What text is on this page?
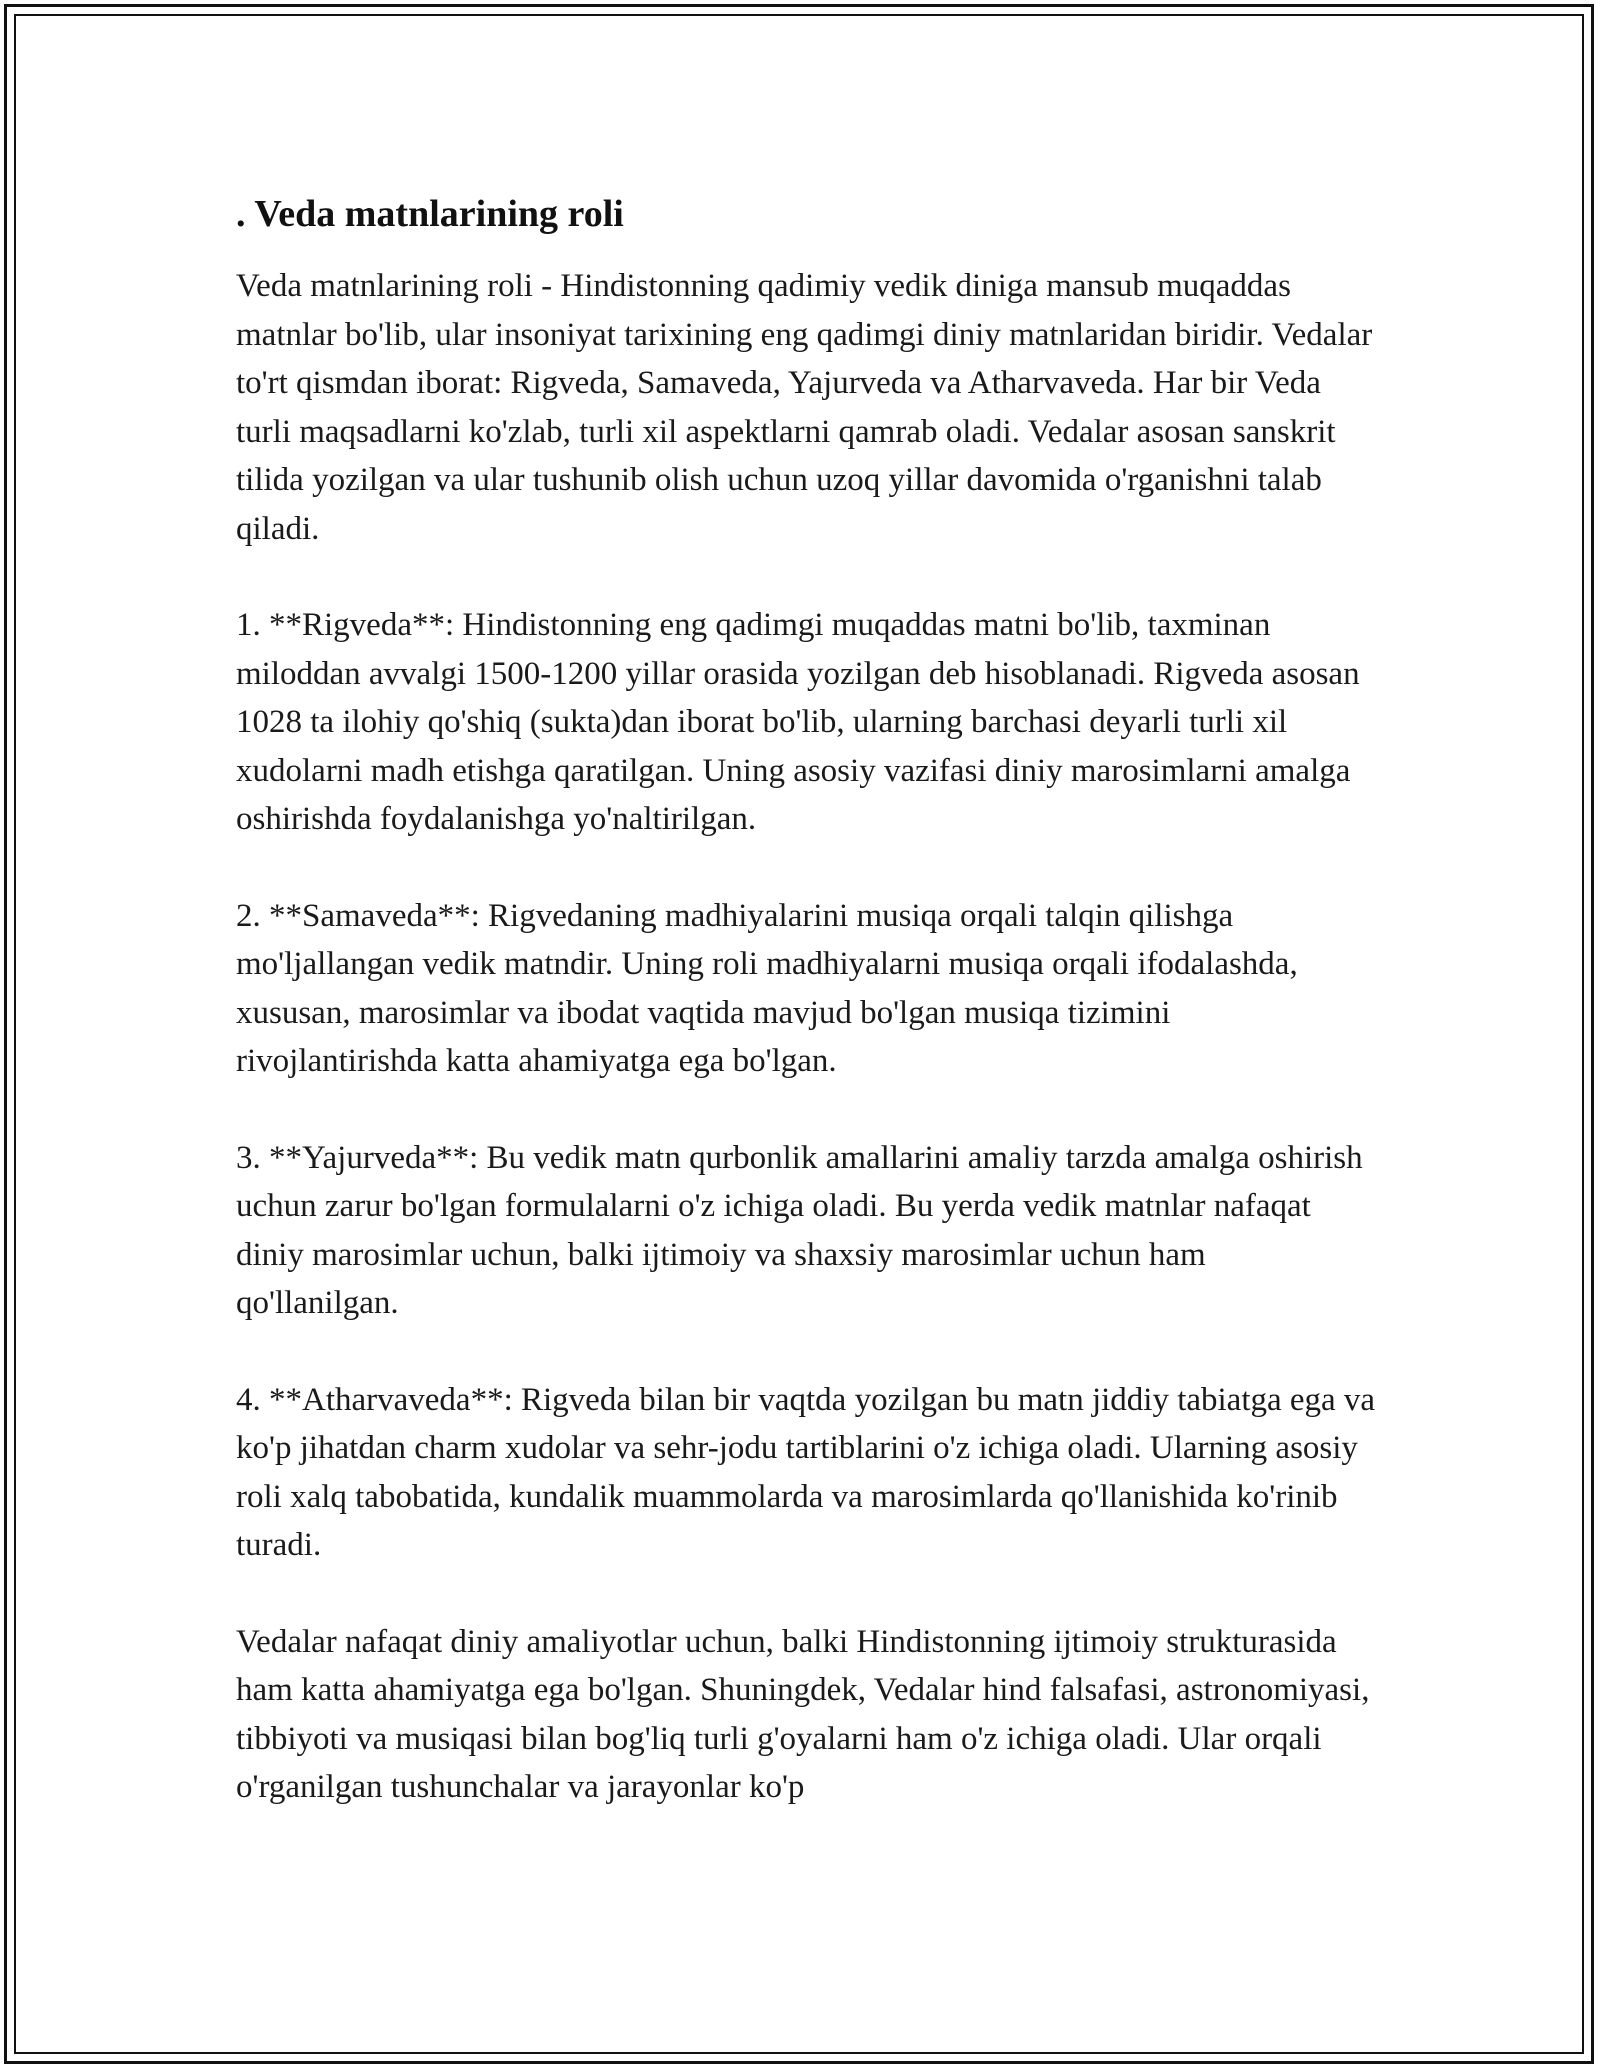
. Veda matnlarining roli

Veda matnlarining roli - Hindistonning qadimiy vedik diniga mansub muqaddas matnlar bo'lib, ular insoniyat tarixining eng qadimgi diniy matnlaridan biridir. Vedalar to'rt qismdan iborat: Rigveda, Samaveda, Yajurveda va Atharvaveda. Har bir Veda turli maqsadlarni ko'zlab, turli xil aspektlarni qamrab oladi. Vedalar asosan sanskrit tilida yozilgan va ular tushunib olish uchun uzoq yillar davomida o'rganishni talab qiladi.

1. **Rigveda**: Hindistonning eng qadimgi muqaddas matni bo'lib, taxminan miloddan avvalgi 1500-1200 yillar orasida yozilgan deb hisoblanadi. Rigveda asosan 1028 ta ilohiy qo'shiq (sukta)dan iborat bo'lib, ularning barchasi deyarli turli xil xudolarni madh etishga qaratilgan. Uning asosiy vazifasi diniy marosimlarni amalga oshirishda foydalanishga yo'naltirilgan.

2. **Samaveda**: Rigvedaning madhiyalarini musiqa orqali talqin qilishga mo'ljallangan vedik matndir. Uning roli madhiyalarni musiqa orqali ifodalashda, xususan, marosimlar va ibodat vaqtida mavjud bo'lgan musiqa tizimini rivojlantirishda katta ahamiyatga ega bo'lgan.

3. **Yajurveda**: Bu vedik matn qurbonlik amallarini amaliy tarzda amalga oshirish uchun zarur bo'lgan formulalarni o'z ichiga oladi. Bu yerda vedik matnlar nafaqat diniy marosimlar uchun, balki ijtimoiy va shaxsiy marosimlar uchun ham qo'llanilgan.

4. **Atharvaveda**: Rigveda bilan bir vaqtda yozilgan bu matn jiddiy tabiatga ega va ko'p jihatdan charm xudolar va sehr-jodu tartiblarini o'z ichiga oladi. Ularning asosiy roli xalq tabobatida, kundalik muammolarda va marosimlarda qo'llanishida ko'rinib turadi.

Vedalar nafaqat diniy amaliyotlar uchun, balki Hindistonning ijtimoiy strukturasida ham katta ahamiyatga ega bo'lgan. Shuningdek, Vedalar hind falsafasi, astronomiyasi, tibbiyoti va musiqasi bilan bog'liq turli g'oyalarni ham o'z ichiga oladi. Ular orqali o'rganilgan tushunchalar va jarayonlar ko'p
